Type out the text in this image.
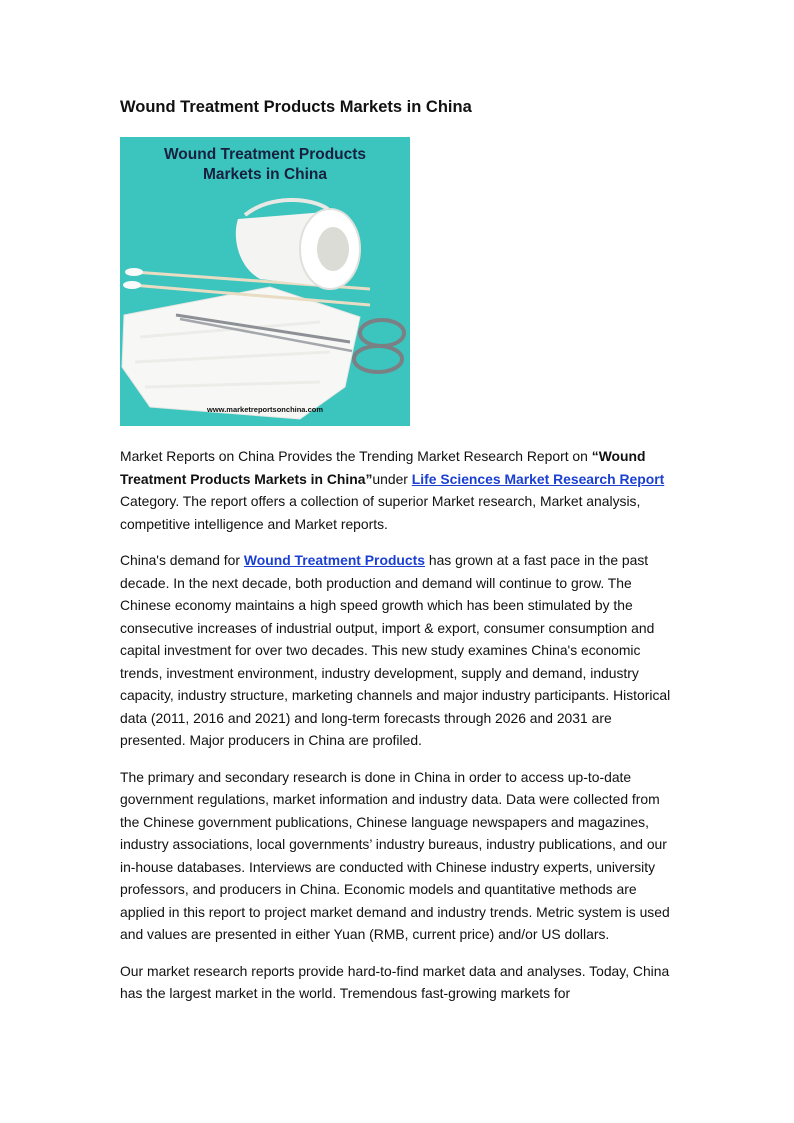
Wound Treatment Products Markets in China
Wound Treatment Products
Markets in China
www.marketreportsonchina.com

Market Reports on China Provides the Trending Market Research Report on “Wound Treatment Products Markets in China”under Life Sciences Market Research Report Category. The report offers a collection of superior Market research, Market analysis, competitive intelligence and Market reports.

China's demand for Wound Treatment Products has grown at a fast pace in the past decade. In the next decade, both production and demand will continue to grow. The Chinese economy maintains a high speed growth which has been stimulated by the consecutive increases of industrial output, import & export, consumer consumption and capital investment for over two decades. This new study examines China's economic trends, investment environment, industry development, supply and demand, industry capacity, industry structure, marketing channels and major industry participants. Historical data (2011, 2016 and 2021) and long-term forecasts through 2026 and 2031 are presented. Major producers in China are profiled.

The primary and secondary research is done in China in order to access up-to-date government regulations, market information and industry data. Data were collected from the Chinese government publications, Chinese language newspapers and magazines, industry associations, local governments’ industry bureaus, industry publications, and our in-house databases. Interviews are conducted with Chinese industry experts, university professors, and producers in China. Economic models and quantitative methods are applied in this report to project market demand and industry trends. Metric system is used and values are presented in either Yuan (RMB, current price) and/or US dollars.

Our market research reports provide hard-to-find market data and analyses. Today, China has the largest market in the world. Tremendous fast-growing markets for
